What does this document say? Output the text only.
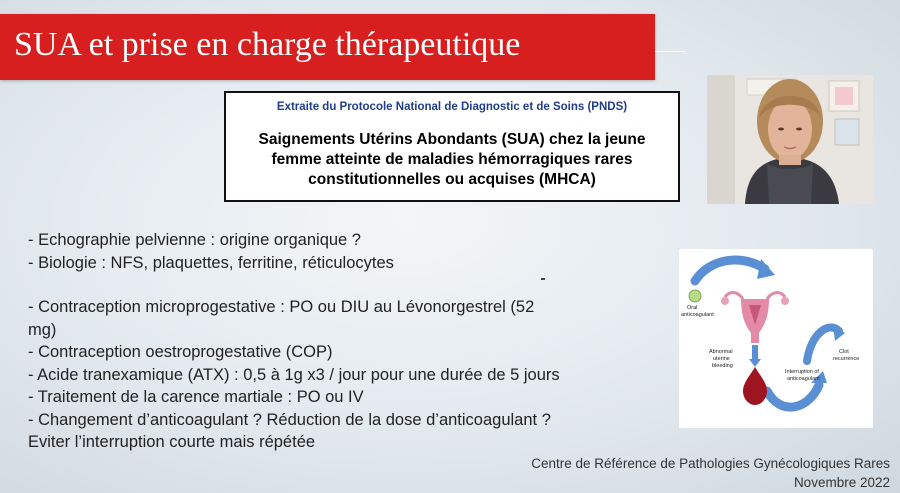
SUA et prise en charge thérapeutique
Extraite du Protocole National de Diagnostic et de Soins (PNDS)
Saignements Utérins Abondants (SUA) chez la jeune femme atteinte de maladies hémorragiques rares constitutionnelles ou acquises (MHCA)
- Echographie pelvienne : origine organique ?
- Biologie : NFS, plaquettes, ferritine, réticulocytes
- Contraception microprogestative : PO ou DIU au Lévonorgestrel (52
mg)
- Contraception oestroprogestative (COP)
- Acide tranexamique (ATX) : 0,5 à 1g x3 / jour pour une durée de 5 jours
- Traitement de la carence martiale : PO ou IV
- Changement d’anticoagulant ? Réduction de la dose d’anticoagulant ?
Eviter l’interruption courte mais répétée
Oral
anticoagulant
Abnormal
uterine
bleeding
Interruption of
anticoagulant
Clot
recurrence
Centre de Référence de Pathologies Gynécologiques Rares
Novembre 2022
